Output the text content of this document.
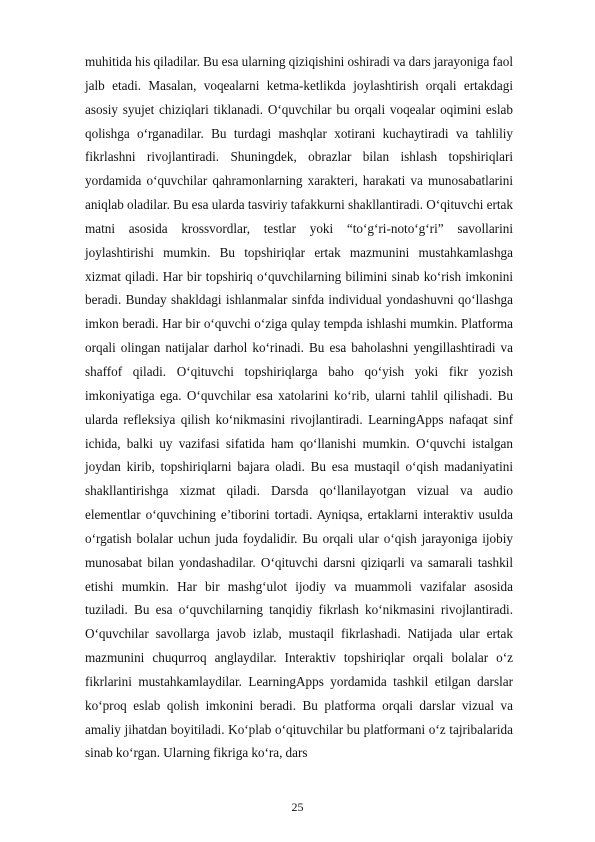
muhitida his qiladilar. Bu esa ularning qiziqishini oshiradi va dars jarayoniga faol jalb etadi. Masalan, voqealarni ketma-ketlikda joylashtirish orqali ertakdagi asosiy syujet chiziqlari tiklanadi. O‘quvchilar bu orqali voqealar oqimini eslab qolishga o‘rganadilar. Bu turdagi mashqlar xotirani kuchaytiradi va tahliliy fikrlashni rivojlantiradi. Shuningdek, obrazlar bilan ishlash topshiriqlari yordamida o‘quvchilar qahramonlarning xarakteri, harakati va munosabatlarini aniqlab oladilar. Bu esa ularda tasviriy tafakkurni shakllantiradi. O‘qituvchi ertak matni asosida krossvordlar, testlar yoki “to‘g‘ri-noto‘g‘ri” savollarini joylashtirishi mumkin. Bu topshiriqlar ertak mazmunini mustahkamlashga xizmat qiladi. Har bir topshiriq o‘quvchilarning bilimini sinab ko‘rish imkonini beradi. Bunday shakldagi ishlanmalar sinfda individual yondashuvni qo‘llashga imkon beradi. Har bir o‘quvchi o‘ziga qulay tempda ishlashi mumkin. Platforma orqali olingan natijalar darhol ko‘rinadi. Bu esa baholashni yengillashtiradi va shaffof qiladi. O‘qituvchi topshiriqlarga baho qo‘yish yoki fikr yozish imkoniyatiga ega. O‘quvchilar esa xatolarini ko‘rib, ularni tahlil qilishadi. Bu ularda refleksiya qilish ko‘nikmasini rivojlantiradi. LearningApps nafaqat sinf ichida, balki uy vazifasi sifatida ham qo‘llanishi mumkin. O‘quvchi istalgan joydan kirib, topshiriqlarni bajara oladi. Bu esa mustaqil o‘qish madaniyatini shakllantirishga xizmat qiladi. Darsda qo‘llanilayotgan vizual va audio elementlar o‘quvchining e’tiborini tortadi. Ayniqsa, ertaklarni interaktiv usulda o‘rgatish bolalar uchun juda foydalidir. Bu orqali ular o‘qish jarayoniga ijobiy munosabat bilan yondashadilar. O‘qituvchi darsni qiziqarli va samarali tashkil etishi mumkin. Har bir mashg‘ulot ijodiy va muammoli vazifalar asosida tuziladi. Bu esa o‘quvchilarning tanqidiy fikrlash ko‘nikmasini rivojlantiradi. O‘quvchilar savollarga javob izlab, mustaqil fikrlashadi. Natijada ular ertak mazmunini chuqurroq anglaydilar. Interaktiv topshiriqlar orqali bolalar o‘z fikrlarini mustahkamlaydilar. LearningApps yordamida tashkil etilgan darslar ko‘proq eslab qolish imkonini beradi. Bu platforma orqali darslar vizual va amaliy jihatdan boyitiladi. Ko‘plab o‘qituvchilar bu platformani o‘z tajribalarida sinab ko‘rgan. Ularning fikriga ko‘ra, dars

25
